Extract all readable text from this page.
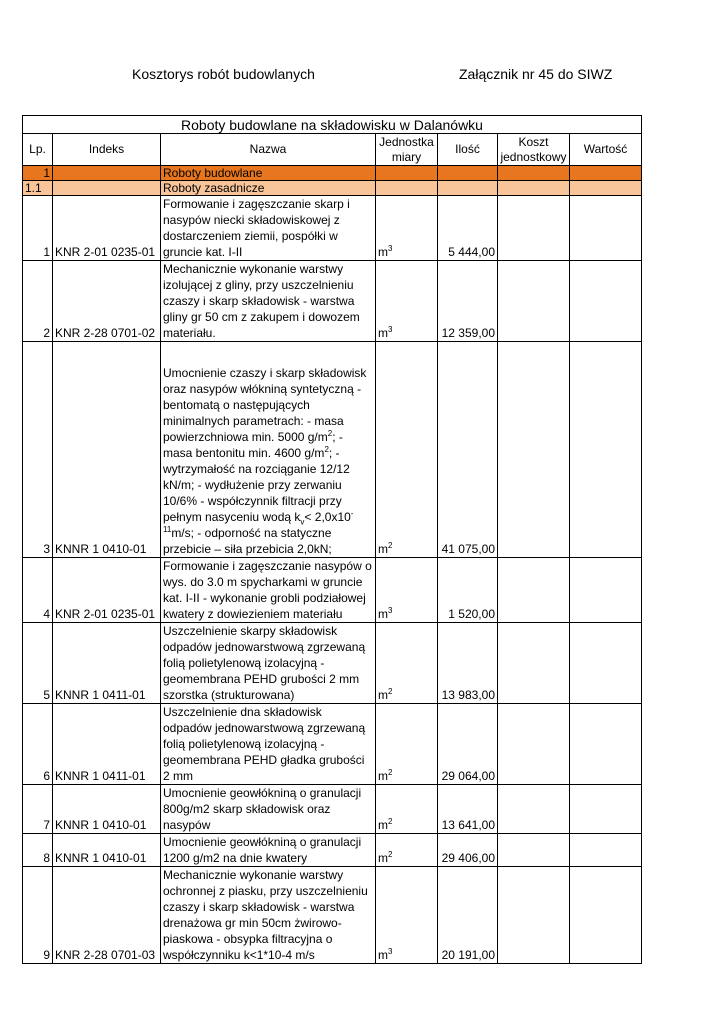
Kosztorys robót budowlanych	Załącznik nr 45 do SIWZ
Roboty budowlane na składowisku w Dalanówku						
Lp.	Indeks	Nazwa	Jednostka miary	Ilość	Koszt jednostkowy	Wartość
1		Roboty budowlane				
1.1		Roboty zasadnicze				
1	KNR 2-01 0235-01	Formowanie i zagęszczanie skarp i nasypów niecki składowiskowej z dostarczeniem ziemii, pospółki w gruncie kat. I-II	$m^3$	5 444,00		
2	KNR 2-28 0701-02	Mechanicznie wykonanie warstwy izolującej z gliny, przy uszczelnieniu czaszy i skarp składowisk - warstwa gliny gr 50 cm z zakupem i dowozem materiału.	$m^3$	12 359,00		
3	KNNR 1 0410-01	Umocnienie czaszy i skarp składowisk oraz nasypów włókniną syntetyczną - bentomatą o następujących minimalnych parametrach: - masa powierzchniowa min. 5000 $g/m^2$; - masa bentonitu min. 4600 $g/m^2$; - wytrzymałość na rozciąganie 12/12 kN/m; - wydłużenie przy zerwaniu 10/6% - współczynnik filtracji przy pełnym nasyceniu wodą $k_v< 2,0x10^{-11}m/s$; - odporność na statyczne przebicie – siła przebicia 2,0kN;	$m^2$	41 075,00		
4	KNR 2-01 0235-01	Formowanie i zagęszczanie nasypów o wys. do 3.0 m spycharkami w gruncie kat. I-II - wykonanie grobli podziałowej kwatery z dowiezieniem materiału	$m^3$	1 520,00		
5	KNNR 1 0411-01	Uszczelnienie skarpy składowisk odpadów jednowarstwową zgrzewaną folią polietylenową izolacyjną - geomembrana PEHD grubości 2 mm szorstka (strukturowana)	$m^2$	13 983,00		
6	KNNR 1 0411-01	Uszczelnienie dna składowisk odpadów jednowarstwową zgrzewaną folią polietylenową izolacyjną - geomembrana PEHD gładka grubości 2 mm	$m^2$	29 064,00		
7	KNNR 1 0410-01	Umocnienie geowłókniną o granulacji 800g/m2 skarp składowisk oraz nasypów	$m^2$	13 641,00		
8	KNNR 1 0410-01	Umocnienie geowłókniną o granulacji 1200 g/m2 na dnie kwatery	$m^2$	29 406,00		
9	KNR 2-28 0701-03	Mechanicznie wykonanie warstwy ochronnej z piasku, przy uszczelnieniu czaszy i skarp składowisk - warstwa drenażowa gr min 50cm żwirowo-piaskowa - obsypka filtracyjna o współczynniku k<1*10-4 m/s	$m^3$	20 191,00		
